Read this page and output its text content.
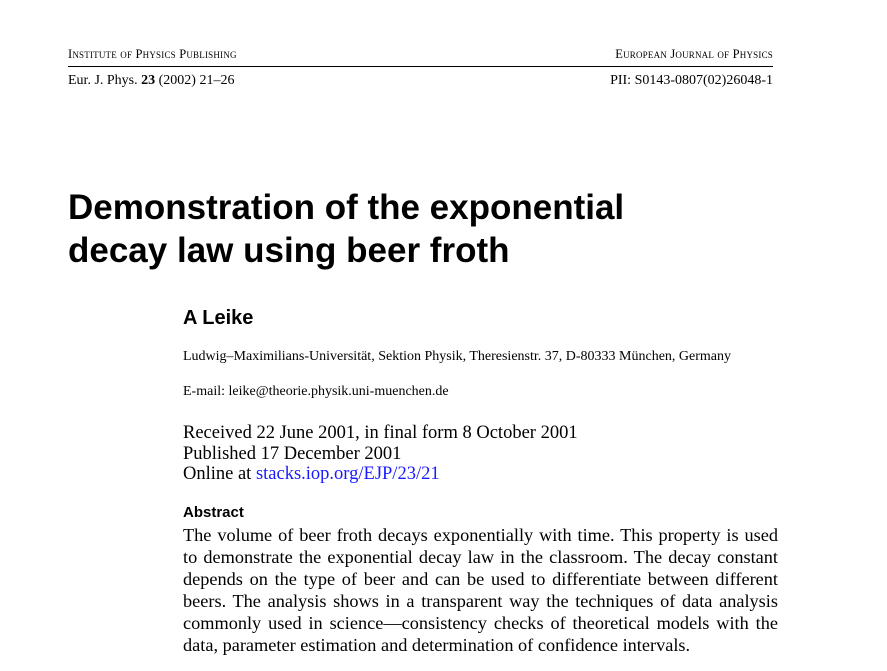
Institute of Physics Publishing	European Journal of Physics
Eur. J. Phys. 23 (2002) 21–26	PII: S0143-0807(02)26048-1
Demonstration of the exponential
decay law using beer froth
A Leike
Ludwig–Maximilians-Universität, Sektion Physik, Theresienstr. 37, D-80333 München, Germany
E-mail: leike@theorie.physik.uni-muenchen.de
Received 22 June 2001, in final form 8 October 2001
Published 17 December 2001
Online at stacks.iop.org/EJP/23/21
Abstract

The volume of beer froth decays exponentially with time. This property is used to demonstrate the exponential decay law in the classroom. The decay constant depends on the type of beer and can be used to differentiate between different beers. The analysis shows in a transparent way the techniques of data analysis commonly used in science—consistency checks of theoretical models with the data, parameter estimation and determination of confidence intervals.
